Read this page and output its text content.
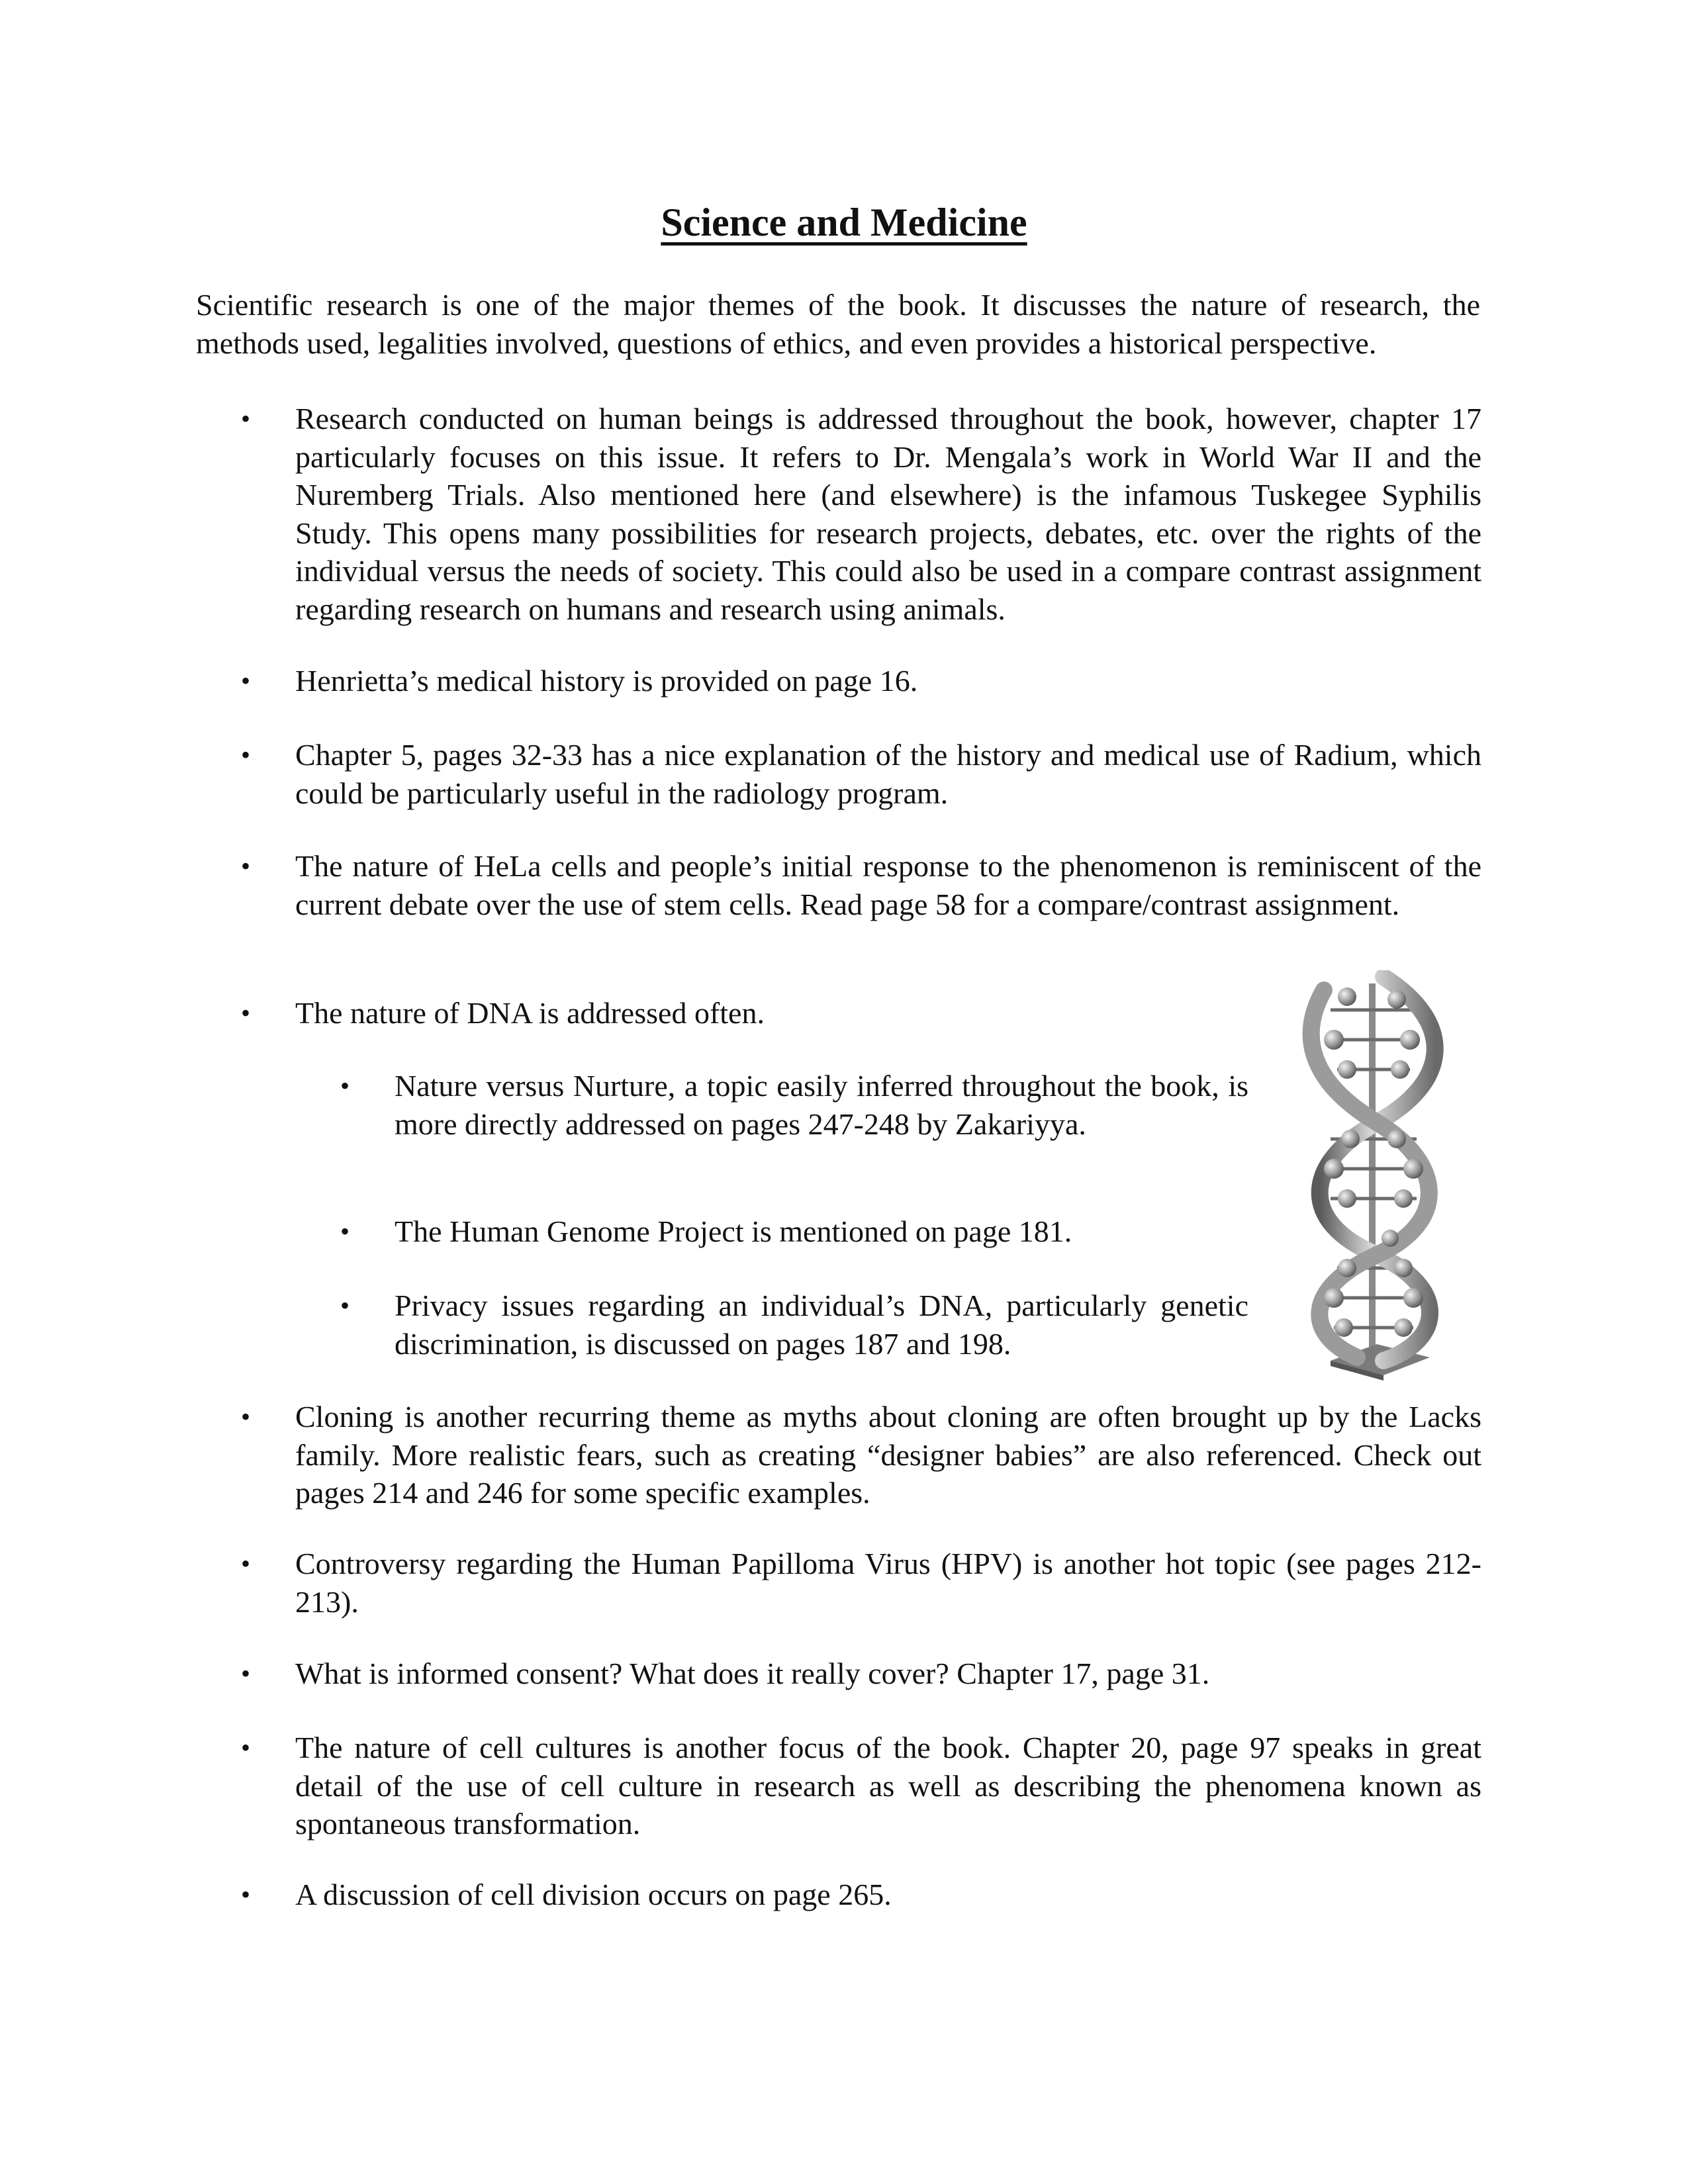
Science and Medicine

Scientific research is one of the major themes of the book. It discusses the nature of research, the methods used, legalities involved, questions of ethics, and even provides a historical perspective.

• Research conducted on human beings is addressed throughout the book, however, chapter 17 particularly focuses on this issue. It refers to Dr. Mengala’s work in World War II and the Nuremberg Trials. Also mentioned here (and elsewhere) is the infamous Tuskegee Syphilis Study. This opens many possibilities for research projects, debates, etc. over the rights of the individual versus the needs of society. This could also be used in a compare contrast assignment regarding research on humans and research using animals.
• Henrietta’s medical history is provided on page 16.
• Chapter 5, pages 32-33 has a nice explanation of the history and medical use of Radium, which could be particularly useful in the radiology program.
• The nature of HeLa cells and people’s initial response to the phenomenon is reminiscent of the current debate over the use of stem cells. Read page 58 for a compare/contrast assignment.
• The nature of DNA is addressed often.
• Nature versus Nurture, a topic easily inferred throughout the book, is more directly addressed on pages 247-248 by Zakariyya.
• The Human Genome Project is mentioned on page 181.
• Privacy issues regarding an individual’s DNA, particularly genetic discrimination, is discussed on pages 187 and 198.
• Cloning is another recurring theme as myths about cloning are often brought up by the Lacks family. More realistic fears, such as creating “designer babies” are also referenced. Check out pages 214 and 246 for some specific examples.
• Controversy regarding the Human Papilloma Virus (HPV) is another hot topic (see pages 212-213).
• What is informed consent? What does it really cover? Chapter 17, page 31.
• The nature of cell cultures is another focus of the book. Chapter 20, page 97 speaks in great detail of the use of cell culture in research as well as describing the phenomena known as spontaneous transformation.
• A discussion of cell division occurs on page 265.
